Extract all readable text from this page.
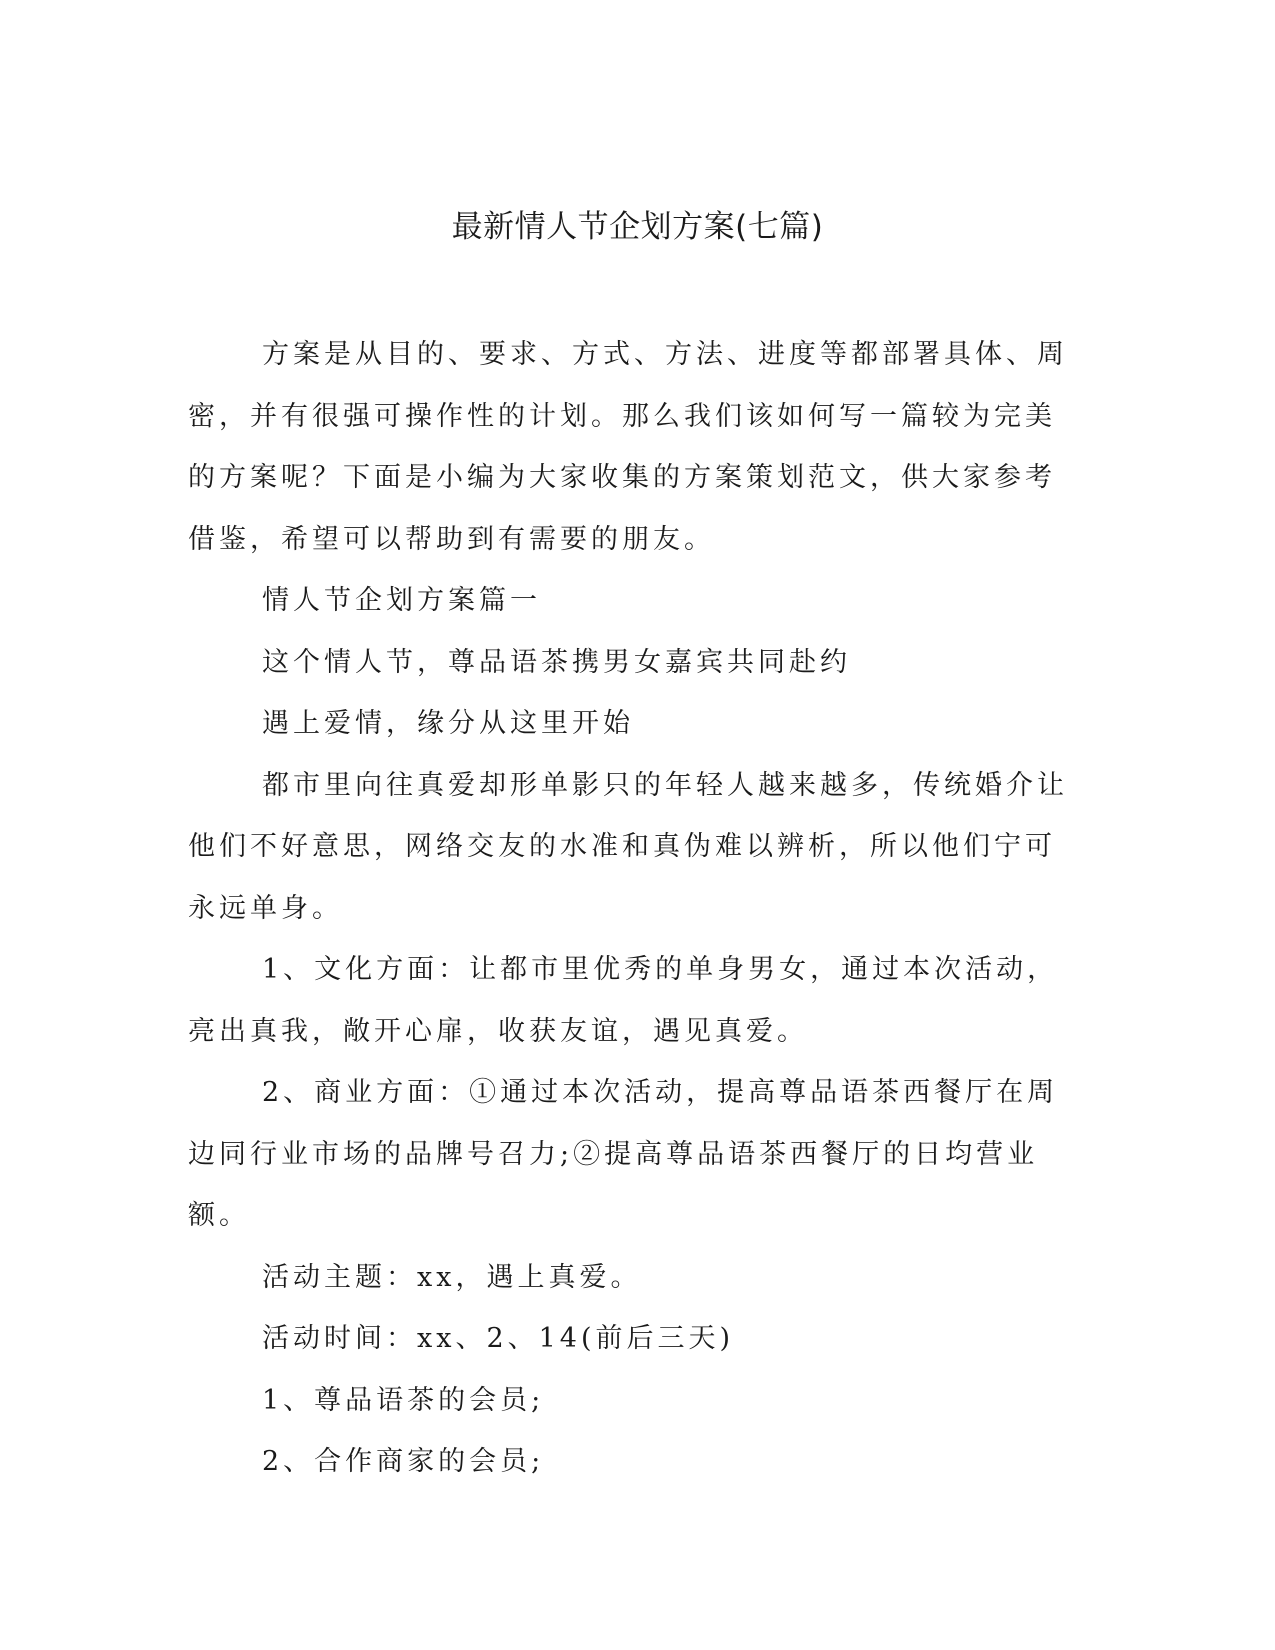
最新情人节企划方案(七篇)

方案是从目的、要求、方式、方法、进度等都部署具体、周密，并有很强可操作性的计划。那么我们该如何写一篇较为完美的方案呢？下面是小编为大家收集的方案策划范文，供大家参考借鉴，希望可以帮助到有需要的朋友。

情人节企划方案篇一

这个情人节，尊品语茶携男女嘉宾共同赴约

遇上爱情，缘分从这里开始

都市里向往真爱却形单影只的年轻人越来越多，传统婚介让他们不好意思，网络交友的水准和真伪难以辨析，所以他们宁可永远单身。

1、文化方面：让都市里优秀的单身男女，通过本次活动，亮出真我，敞开心扉，收获友谊，遇见真爱。

2、商业方面：①通过本次活动，提高尊品语茶西餐厅在周边同行业市场的品牌号召力;②提高尊品语茶西餐厅的日均营业额。

活动主题：xx，遇上真爱。

活动时间：xx、2、14(前后三天)

1、尊品语茶的会员;

2、合作商家的会员;
